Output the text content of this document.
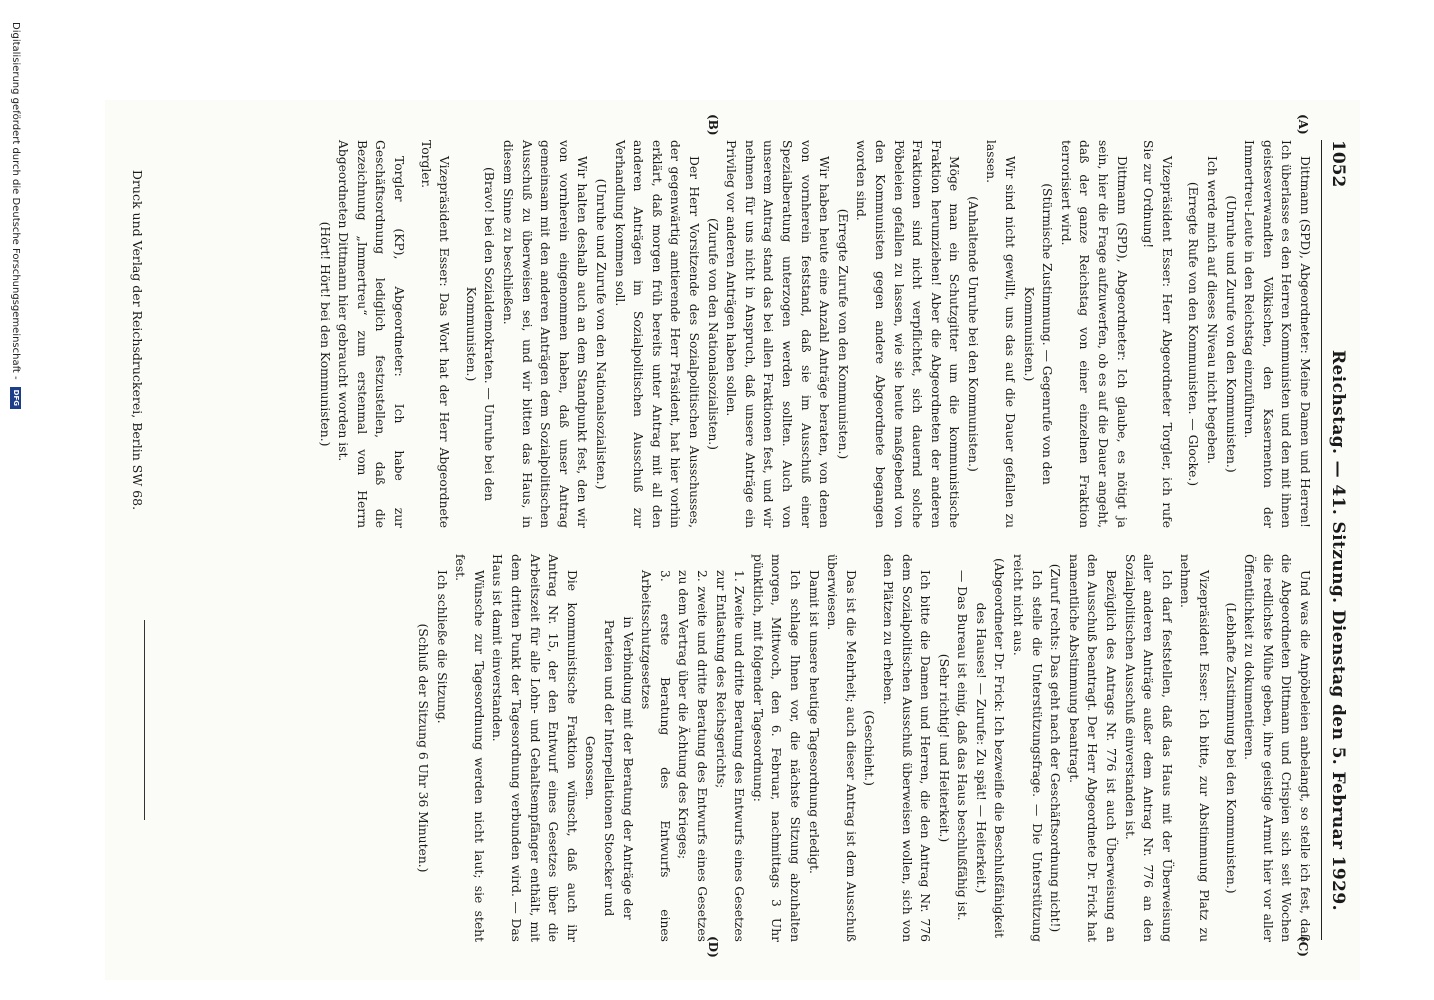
1052
Reichstag. — 41. Sitzung. Dienstag den 5. Februar 1929.
(A)
(B)
(C)
(D)

Dittmann (SPD), Abgeordneter: Meine Damen und Herren! Ich überlasse es den Herren Kommunisten und den mit ihnen geistesverwandten Völkischen, den Kasernenton der Immertreu-Leute in den Reichstag einzuführen.

(Unruhe und Zurufe von den Kommunisten.)

Ich werde mich auf dieses Niveau nicht begeben.

(Erregte Rufe von den Kommunisten. — Glocke.)

Vizepräsident Esser: Herr Abgeordneter Torgler, ich rufe Sie zur Ordnung!

Dittmann (SPD), Abgeordneter: Ich glaube, es nötigt ja sein, hier die Frage aufzuwerfen, ob es auf die Dauer angeht, daß der ganze Reichstag von einer einzelnen Fraktion terrorisiert wird.

(Stürmische Zustimmung. — Gegenrufe von den Kommunisten.)

Wir sind nicht gewillt, uns das auf die Dauer gefallen zu lassen.

(Anhaltende Unruhe bei den Kommunisten.)

Möge man ein Schutzgitter um die kommunistische Fraktion herumziehen! Aber die Abgeordneten der anderen Fraktionen sind nicht verpflichtet, sich dauernd solche Pöbeleien gefallen zu lassen, wie sie heute maßgebend von den Kommunisten gegen andere Abgeordnete begangen worden sind.

(Erregte Zurufe von den Kommunisten.)

Wir haben heute eine Anzahl Anträge beraten, von denen von vornherein feststand, daß sie im Ausschuß einer Spezialberatung unterzogen werden sollten. Auch von unserem Antrag stand das bei allen Fraktionen fest, und wir nehmen für uns nicht in Anspruch, daß unsere Anträge ein Privileg vor anderen Anträgen haben sollen.

(Zurufe von den Nationalsozialisten.)

Der Herr Vorsitzende des Sozialpolitischen Ausschusses, der gegenwärtig amtierende Herr Präsident, hat hier vorhin erklärt, daß morgen früh bereits unter Antrag mit all den anderen Anträgen im Sozialpolitischen Ausschuß zur Verhandlung kommen soll.

(Unruhe und Zurufe von den Nationalsozialisten.)

Wir halten deshalb auch an dem Standpunkt fest, den wir von vornherein eingenommen haben, daß unser Antrag gemeinsam mit den anderen Anträgen dem Sozialpolitischen Ausschuß zu überweisen sei, und wir bitten das Haus, in diesem Sinne zu beschließen.

(Bravo! bei den Sozialdemokraten. — Unruhe bei den Kommunisten.)

Vizepräsident Esser: Das Wort hat der Herr Abgeordnete Torgler.

Torgler (KP), Abgeordneter: Ich habe zur Geschäftsordnung lediglich festzustellen, daß die Bezeichnung „Immertreu“ zum erstenmal vom Herrn Abgeordneten Dittmann hier gebraucht worden ist.

(Hört! Hört! bei den Kommunisten.)

Und was die Anpöbeleien anbelangt, so stelle ich fest, daß die Abgeordneten Dittmann und Crispien sich seit Wochen die redlichste Mühe geben, ihre geistige Armut hier vor aller Öffentlichkeit zu dokumentieren.

(Lebhafte Zustimmung bei den Kommunisten.)

Vizepräsident Esser: Ich bitte, zur Abstimmung Platz zu nehmen.

Ich darf feststellen, daß das Haus mit der Überweisung aller anderen Anträge außer dem Antrag Nr. 776 an den Sozialpolitischen Ausschuß einverstanden ist.

Bezüglich des Antrags Nr. 776 ist auch Überweisung an den Ausschuß beantragt. Der Herr Abgeordnete Dr. Frick hat namentliche Abstimmung beantragt.

(Zuruf rechts: Das geht nach der Geschäftsordnung nicht!)

Ich stelle die Unterstützungsfrage. — Die Unterstützung reicht nicht aus.

(Abgeordneter Dr. Frick: Ich bezweifle die Beschlußfähigkeit des Hauses! — Zurufe: Zu spät! — Heiterkeit.)

— Das Bureau ist einig, daß das Haus beschlußfähig ist.

(Sehr richtig! und Heiterkeit.)

Ich bitte die Damen und Herren, die den Antrag Nr. 776 dem Sozialpolitischen Ausschuß überweisen wollen, sich von den Plätzen zu erheben.

(Geschieht.)

Das ist die Mehrheit; auch dieser Antrag ist dem Ausschuß überwiesen.

Damit ist unsere heutige Tagesordnung erledigt.

Ich schlage Ihnen vor, die nächste Sitzung abzuhalten morgen, Mittwoch, den 6. Februar, nachmittags 3 Uhr pünktlich, mit folgender Tagesordnung:

1. Zweite und dritte Beratung des Entwurfs eines Gesetzes zur Entlastung des Reichsgerichts;

2. zweite und dritte Beratung des Entwurfs eines Gesetzes zu dem Vertrag über die Ächtung des Krieges;

3. erste Beratung des Entwurfs eines Arbeitsschutzgesetzes

in Verbindung mit der Beratung der Anträge der Parteien und der Interpellationen Stoecker und Genossen.

Die kommunistische Fraktion wünscht, daß auch ihr Antrag Nr. 15, der den Entwurf eines Gesetzes über die Arbeitszeit für alle Lohn- und Gehaltsempfänger enthält, mit dem dritten Punkt der Tagesordnung verbunden wird. — Das Haus ist damit einverstanden.

Wünsche zur Tagesordnung werden nicht laut; sie steht fest.

Ich schließe die Sitzung.

(Schluß der Sitzung 6 Uhr 36 Minuten.)

Druck und Verlag der Reichsdruckerei, Berlin SW 68.
Digitalisierung gefördert durch die Deutsche Forschungsgemeinschaft - DFG
